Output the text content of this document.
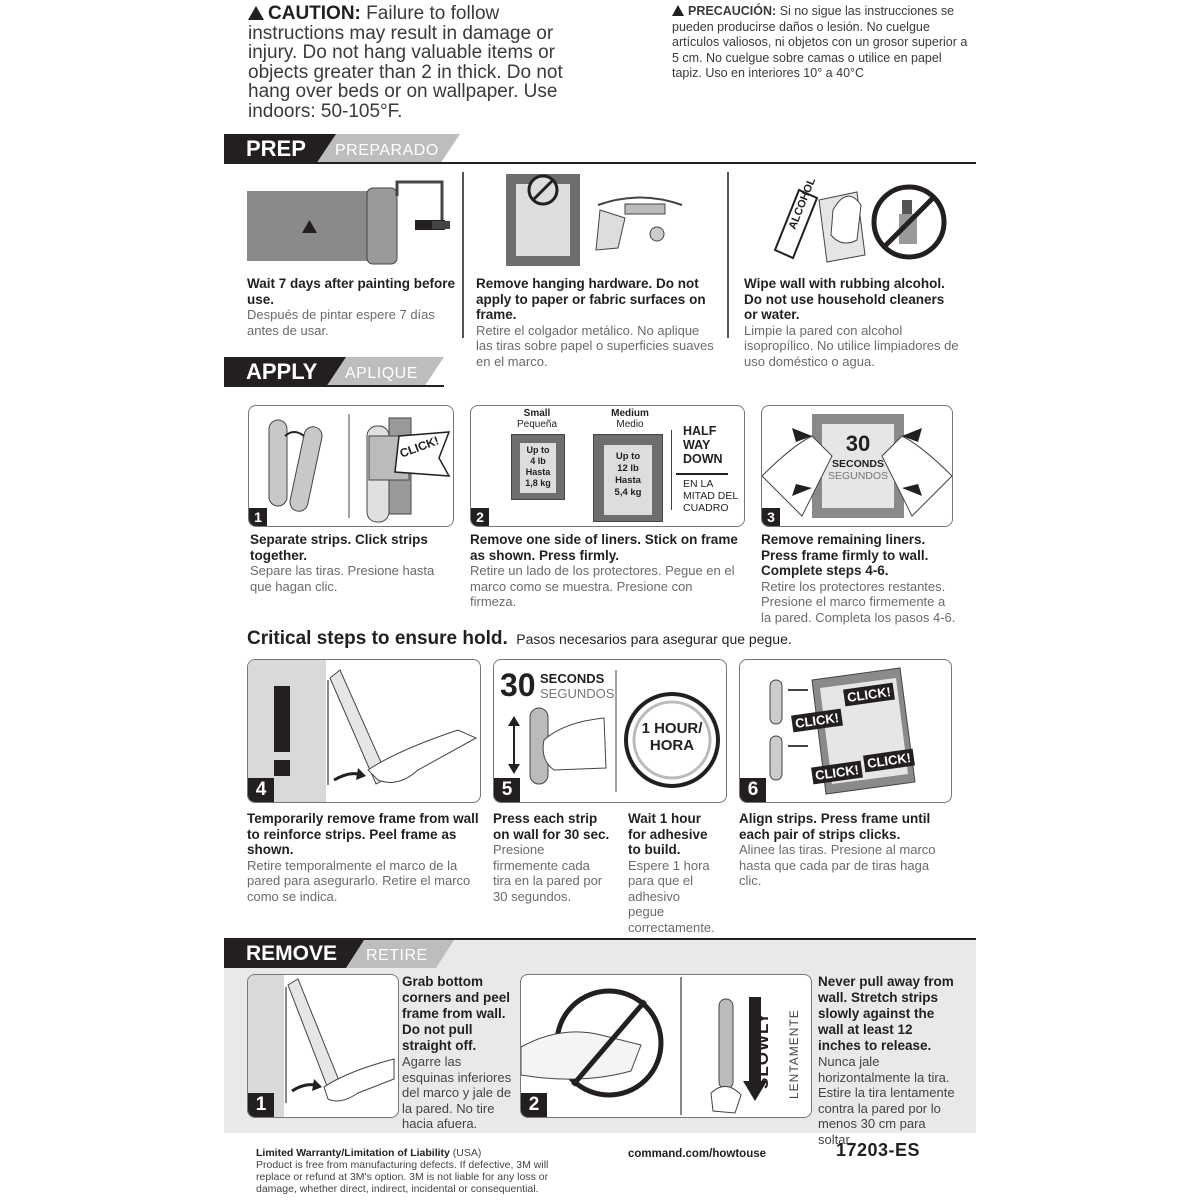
CAUTION: Failure to follow instructions may result in damage or injury. Do not hang valuable items or objects greater than 2 in thick. Do not hang over beds or on wallpaper. Use indoors: 50-105°F.
PRECAUCIÓN: Si no sigue las instrucciones se pueden producirse daños o lesión. No cuelgue artículos valiosos, ni objetos con un grosor superior a 5 cm. No cuelgue sobre camas o utilice en papel tapiz. Uso en interiores 10° a 40°C
PREP PREPARADO
ALCOHOL
Wait 7 days after painting before use.
Después de pintar espere 7 días antes de usar.
Remove hanging hardware. Do not apply to paper or fabric surfaces on frame.
Retire el colgador metálico. No aplique las tiras sobre papel o superficies suaves en el marco.
Wipe wall with rubbing alcohol. Do not use household cleaners or water.
Limpie la pared con alcohol isopropílico. No utilice limpiadores de uso doméstico o agua.
APPLY APLIQUE
CLICK!
1
Small
Pequeña
Medium
Medio
Up to
4 lb
Hasta
1,8 kg
Up to
12 lb
Hasta
5,4 kg
HALF
WAY
DOWN
EN LA
MITAD DEL
CUADRO
2
30
SECONDS
SEGUNDOS
3
Separate strips. Click strips together.
Separe las tiras. Presione hasta que hagan clic.
Remove one side of liners. Stick on frame as shown. Press firmly.
Retire un lado de los protectores. Pegue en el marco como se muestra. Presione con firmeza.
Remove remaining liners. Press frame firmly to wall. Complete steps 4-6.
Retire los protectores restantes. Presione el marco firmemente a la pared. Completa los pasos 4-6.
Critical steps to ensure hold. Pasos necesarios para asegurar que pegue.
4
30 SECONDS
SEGUNDOS
1 HOUR/
HORA
5
CLICK!
CLICK!
CLICK!
CLICK!
6
Temporarily remove frame from wall to reinforce strips. Peel frame as shown.
Retire temporalmente el marco de la pared para asegurarlo. Retire el marco como se indica.
Press each strip on wall for 30 sec.
Presione firmemente cada tira en la pared por 30 segundos.
Wait 1 hour for adhesive to build.
Espere 1 hora para que el adhesivo pegue correctamente.
Align strips. Press frame until each pair of strips clicks.
Alinee las tiras. Presione al marco hasta que cada par de tiras haga clic.
REMOVE RETIRE
1
Grab bottom corners and peel frame from wall. Do not pull straight off.
Agarre las esquinas inferiores del marco y jale de la pared. No tire hacia afuera.
SLOWLY LENTAMENTE
2
Never pull away from wall. Stretch strips slowly against the wall at least 12 inches to release.
Nunca jale horizontalmente la tira. Estire la tira lentamente contra la pared por lo menos 30 cm para soltar.
Limited Warranty/Limitation of Liability (USA)
Product is free from manufacturing defects. If defective, 3M will replace or refund at 3M's option. 3M is not liable for any loss or damage, whether direct, indirect, incidental or consequential.
command.com/howtouse	17203-ES
